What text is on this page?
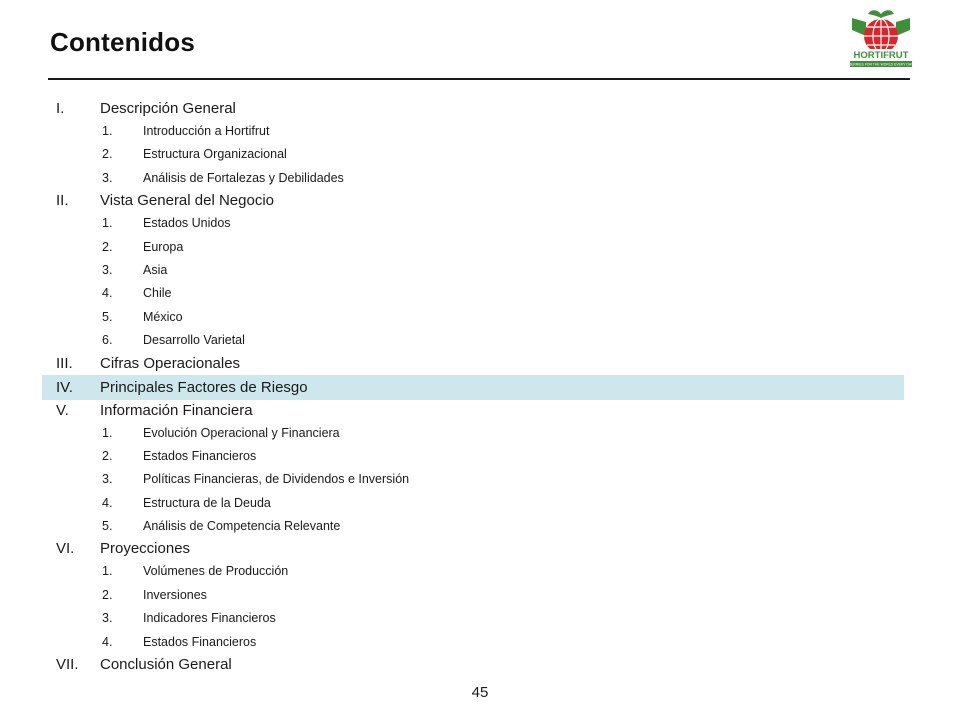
Contenidos	HORTIFRUT
BERRIES FOR THE WORLD EVERY DAY
I. Descripción General
1. Introducción a Hortifrut
2. Estructura Organizacional
3. Análisis de Fortalezas y Debilidades
II. Vista General del Negocio
1. Estados Unidos
2. Europa
3. Asia
4. Chile
5. México
6. Desarrollo Varietal
III. Cifras Operacionales
IV. Principales Factores de Riesgo
V. Información Financiera
1. Evolución Operacional y Financiera
2. Estados Financieros
3. Políticas Financieras, de Dividendos e Inversión
4. Estructura de la Deuda
5. Análisis de Competencia Relevante
VI. Proyecciones
1. Volúmenes de Producción
2. Inversiones
3. Indicadores Financieros
4. Estados Financieros
VII. Conclusión General
45
